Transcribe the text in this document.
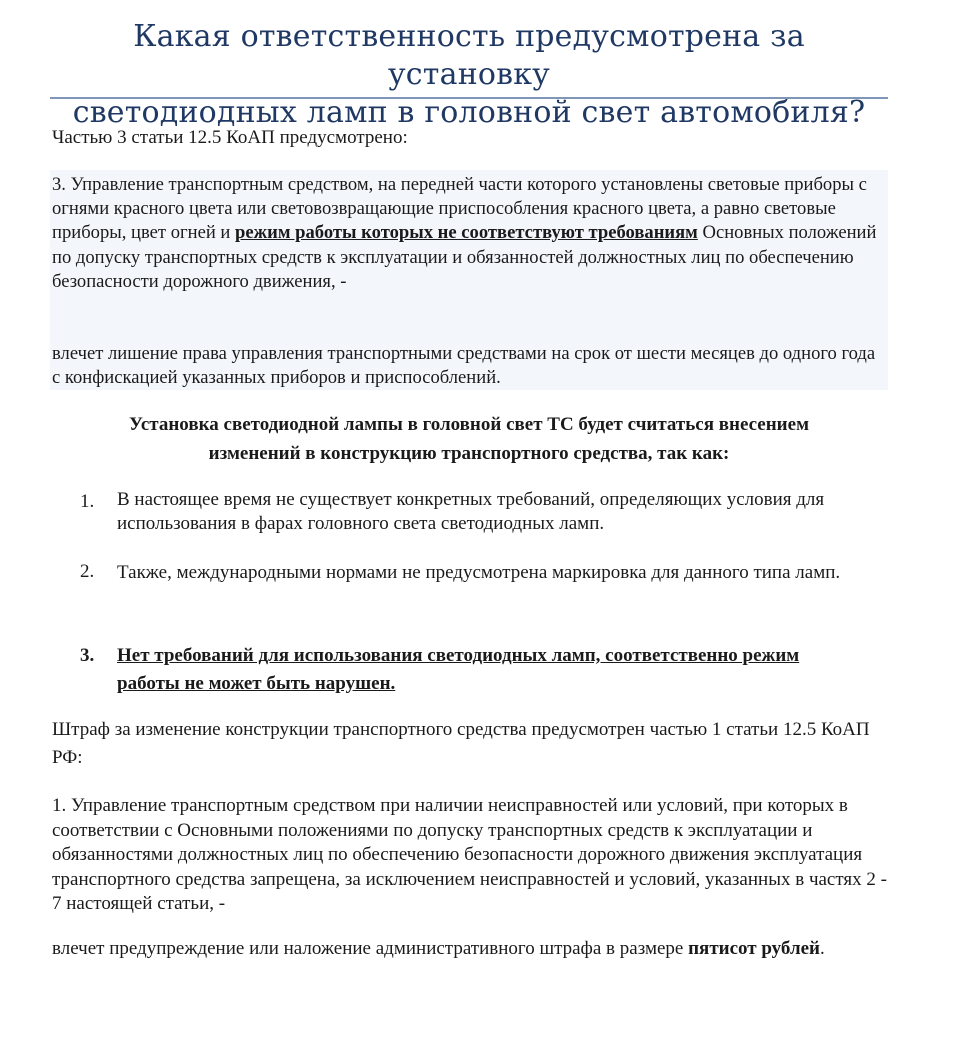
Какая ответственность предусмотрена за установку
светодиодных ламп в головной свет автомобиля?

Частью 3 статьи 12.5 КоАП предусмотрено:

3. Управление транспортным средством, на передней части которого установлены световые приборы с огнями красного цвета или световозвращающие приспособления красного цвета, а равно световые приборы, цвет огней и режим работы которых не соответствуют требованиям Основных положений по допуску транспортных средств к эксплуатации и обязанностей должностных лиц по обеспечению безопасности дорожного движения, -

влечет лишение права управления транспортными средствами на срок от шести месяцев до одного года с конфискацией указанных приборов и приспособлений.

Установка светодиодной лампы в головной свет ТС будет считаться внесением
изменений в конструкцию транспортного средства, так как:

1.	В настоящее время не существует конкретных требований, определяющих условия для использования в фарах головного света светодиодных ламп.
2.	Также, международными нормами не предусмотрена маркировка для данного типа ламп.
3.	Нет требований для использования светодиодных ламп, соответственно режим работы не может быть нарушен.

Штраф за изменение конструкции транспортного средства предусмотрен частью 1 статьи 12.5 КоАП РФ:

1. Управление транспортным средством при наличии неисправностей или условий, при которых в соответствии с Основными положениями по допуску транспортных средств к эксплуатации и обязанностями должностных лиц по обеспечению безопасности дорожного движения эксплуатация транспортного средства запрещена, за исключением неисправностей и условий, указанных в частях 2 - 7 настоящей статьи, -

влечет предупреждение или наложение административного штрафа в размере пятисот рублей.
